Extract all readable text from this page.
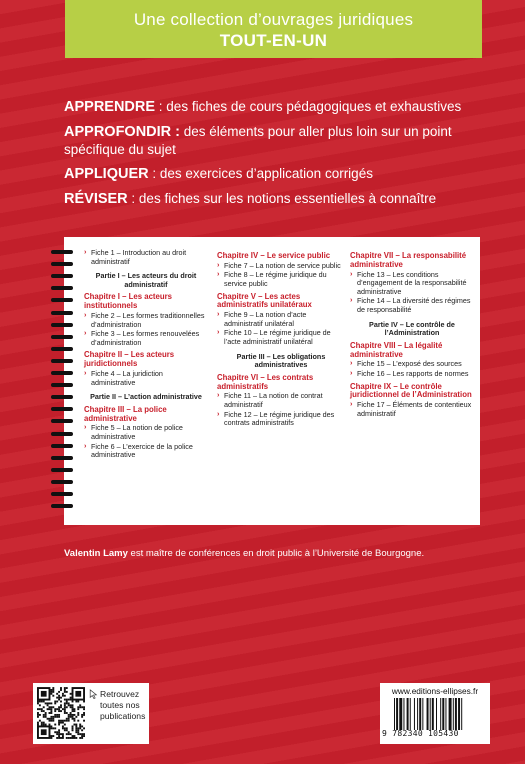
Une collection d’ouvrages juridiques
TOUT-EN-UN

APPRENDRE : des fiches de cours pédagogiques et exhaustives

APPROFONDIR : des éléments pour aller plus loin sur un point spécifique du sujet

APPLIQUER : des exercices d’application corrigés

RÉVISER : des fiches sur les notions essentielles à connaître

› Fiche 1 – Introduction au droit administratif
Partie I – Les acteurs du droit administratif
Chapitre I – Les acteurs institutionnels
› Fiche 2 – Les formes traditionnelles d’administration
› Fiche 3 – Les formes renouvelées d’administration
Chapitre II – Les acteurs juridictionnels
› Fiche 4 – La juridiction administrative
Partie II – L’action administrative
Chapitre III – La police administrative
› Fiche 5 – La notion de police administrative
› Fiche 6 – L’exercice de la police administrative
Chapitre IV – Le service public
› Fiche 7 – La notion de service public
› Fiche 8 – Le régime juridique du service public
Chapitre V – Les actes administratifs unilatéraux
› Fiche 9 – La notion d’acte administratif unilatéral
› Fiche 10 – Le régime juridique de l’acte administratif unilatéral
Partie III – Les obligations administratives
Chapitre VI – Les contrats administratifs
› Fiche 11 – La notion de contrat administratif
› Fiche 12 – Le régime juridique des contrats administratifs
Chapitre VII – La responsabilité administrative
› Fiche 13 – Les conditions d’engagement de la responsabilité administrative
› Fiche 14 – La diversité des régimes de responsabilité
Partie IV – Le contrôle de l’Administration
Chapitre VIII – La légalité administrative
› Fiche 15 – L’exposé des sources
› Fiche 16 – Les rapports de normes
Chapitre IX – Le contrôle juridictionnel de l’Administration
› Fiche 17 – Éléments de contentieux administratif
Valentin Lamy est maître de conférences en droit public à l’Université de Bourgogne.
Retrouvez
toutes nos
publications
www.editions-ellipses.fr
9 782340 105430
